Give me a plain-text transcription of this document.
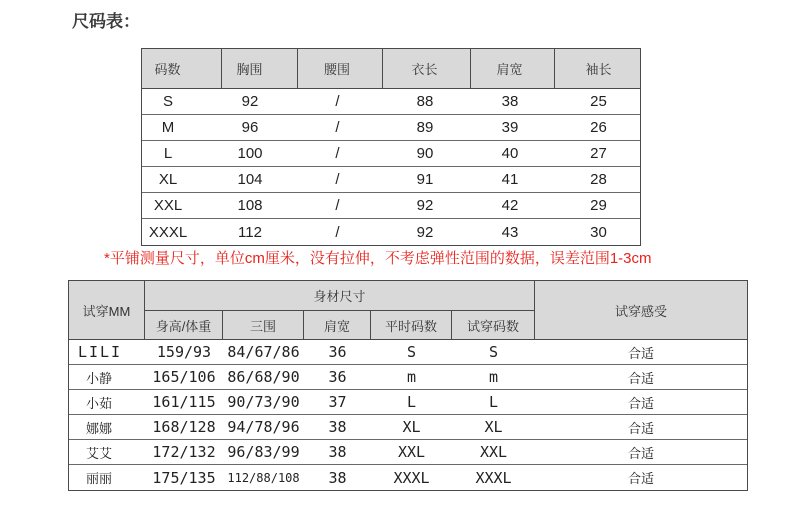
尺码表：
码数	胸围	腰围	衣长	肩宽	袖长
S	92	/	88	38	25
M	96	/	89	39	26
L	100	/	90	40	27
XL	104	/	91	41	28
XXL	108	/	92	42	29
XXXL	112	/	92	43	30
*平铺测量尺寸，单位cm厘米，没有拉伸，不考虑弹性范围的数据，误差范围1-3cm
试穿MM
身材尺寸
试穿感受
身高/体重	三围	肩宽	平时码数	试穿码数
LILI	159/93	84/67/86	36	S	S	合适
小静	165/106 86/68/90	36	m	m	合适
小茹	161/115 90/73/90	37	L	L	合适
娜娜	168/128 94/78/96	38	XL	XL	合适
艾艾	172/132 96/83/99	38	XXL	XXL	合适
丽丽	175/135 112/88/108	38	XXXL	XXXL	合适
